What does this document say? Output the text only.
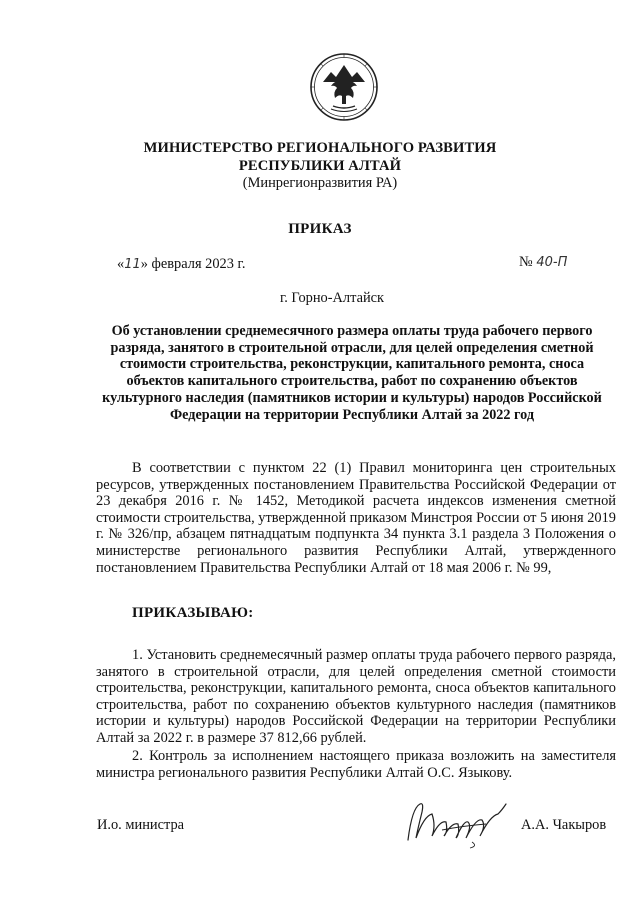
МИНИСТЕРСТВО РЕГИОНАЛЬНОГО РАЗВИТИЯ
РЕСПУБЛИКИ АЛТАЙ
(Минрегионразвития РА)
ПРИКАЗ
«11» февраля 2023 г.	№ 40-П
г. Горно-Алтайск
Об установлении среднемесячного размера оплаты труда рабочего первого разряда, занятого в строительной отрасли, для целей определения сметной стоимости строительства, реконструкции, капитального ремонта, сноса объектов капитального строительства, работ по сохранению объектов культурного наследия (памятников истории и культуры) народов Российской Федерации на территории Республики Алтай за 2022 год
В соответствии с пунктом 22 (1) Правил мониторинга цен строительных ресурсов, утвержденных постановлением Правительства Российской Федерации от 23 декабря 2016 г. № 1452, Методикой расчета индексов изменения сметной стоимости строительства, утвержденной приказом Минстроя России от 5 июня 2019 г. № 326/пр, абзацем пятнадцатым подпункта 34 пункта 3.1 раздела 3 Положения о министерстве регионального развития Республики Алтай, утвержденного постановлением Правительства Республики Алтай от 18 мая 2006 г. № 99,
ПРИКАЗЫВАЮ:
1. Установить среднемесячный размер оплаты труда рабочего первого разряда, занятого в строительной отрасли, для целей определения сметной стоимости строительства, реконструкции, капитального ремонта, сноса объектов капитального строительства, работ по сохранению объектов культурного наследия (памятников истории и культуры) народов Российской Федерации на территории Республики Алтай за 2022 г. в размере 37 812,66 рублей.
2. Контроль за исполнением настоящего приказа возложить на заместителя министра регионального развития Республики Алтай О.С. Языкову.
И.о. министра	А.А. Чакыров
